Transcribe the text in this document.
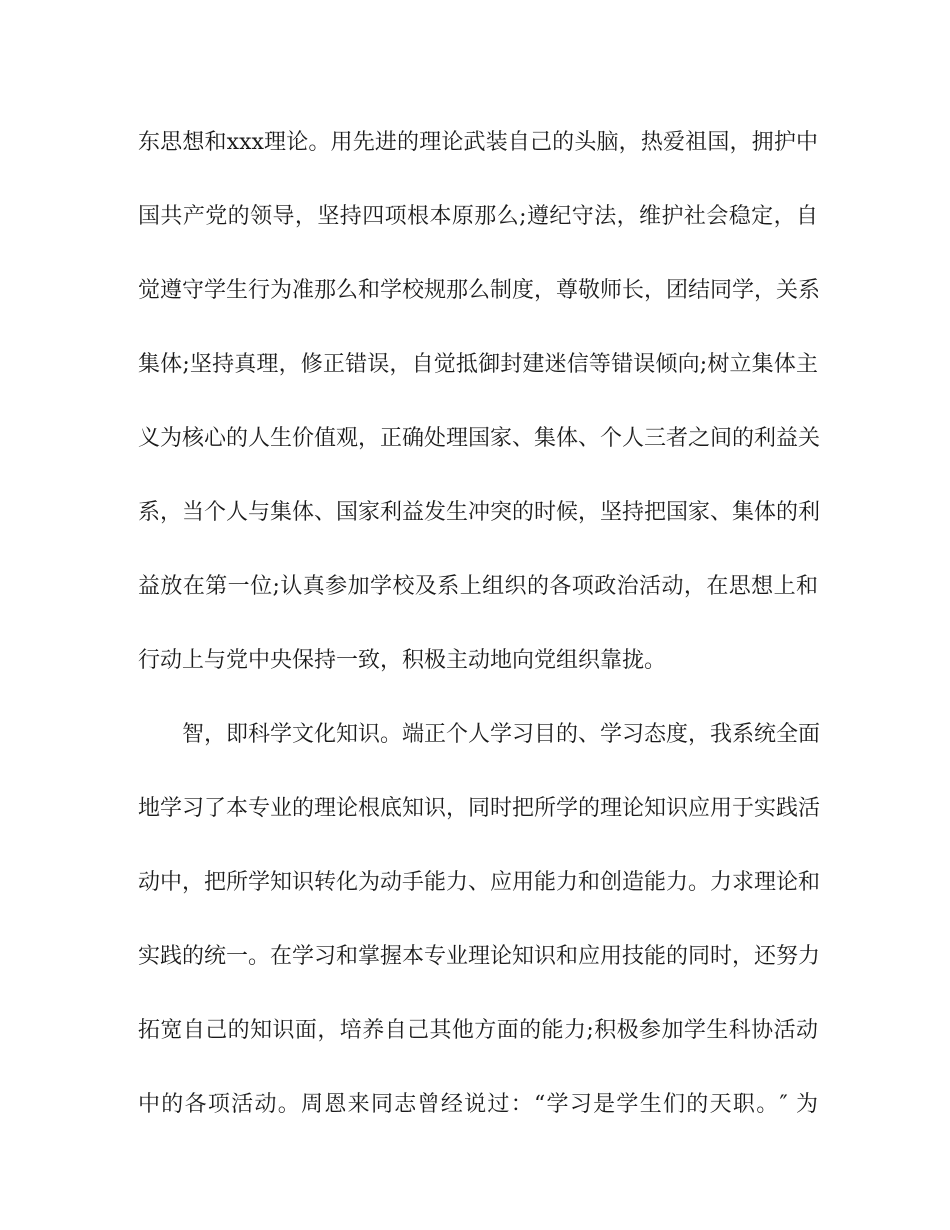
东思想和xxx理论。用先进的理论武装自己的头脑，热爱祖国，拥护中
国共产党的领导，坚持四项根本原那么;遵纪守法，维护社会稳定，自
觉遵守学生行为准那么和学校规那么制度，尊敬师长，团结同学，关系
集体;坚持真理，修正错误，自觉抵御封建迷信等错误倾向;树立集体主
义为核心的人生价值观，正确处理国家、集体、个人三者之间的利益关
系，当个人与集体、国家利益发生冲突的时候，坚持把国家、集体的利
益放在第一位;认真参加学校及系上组织的各项政治活动，在思想上和
行动上与党中央保持一致，积极主动地向党组织靠拢。
智，即科学文化知识。端正个人学习目的、学习态度，我系统全面
地学习了本专业的理论根底知识，同时把所学的理论知识应用于实践活
动中，把所学知识转化为动手能力、应用能力和创造能力。力求理论和
实践的统一。在学习和掌握本专业理论知识和应用技能的同时，还努力
拓宽自己的知识面，培养自己其他方面的能力;积极参加学生科协活动
中的各项活动。周恩来同志曾经说过：“学习是学生们的天职。″ 为
